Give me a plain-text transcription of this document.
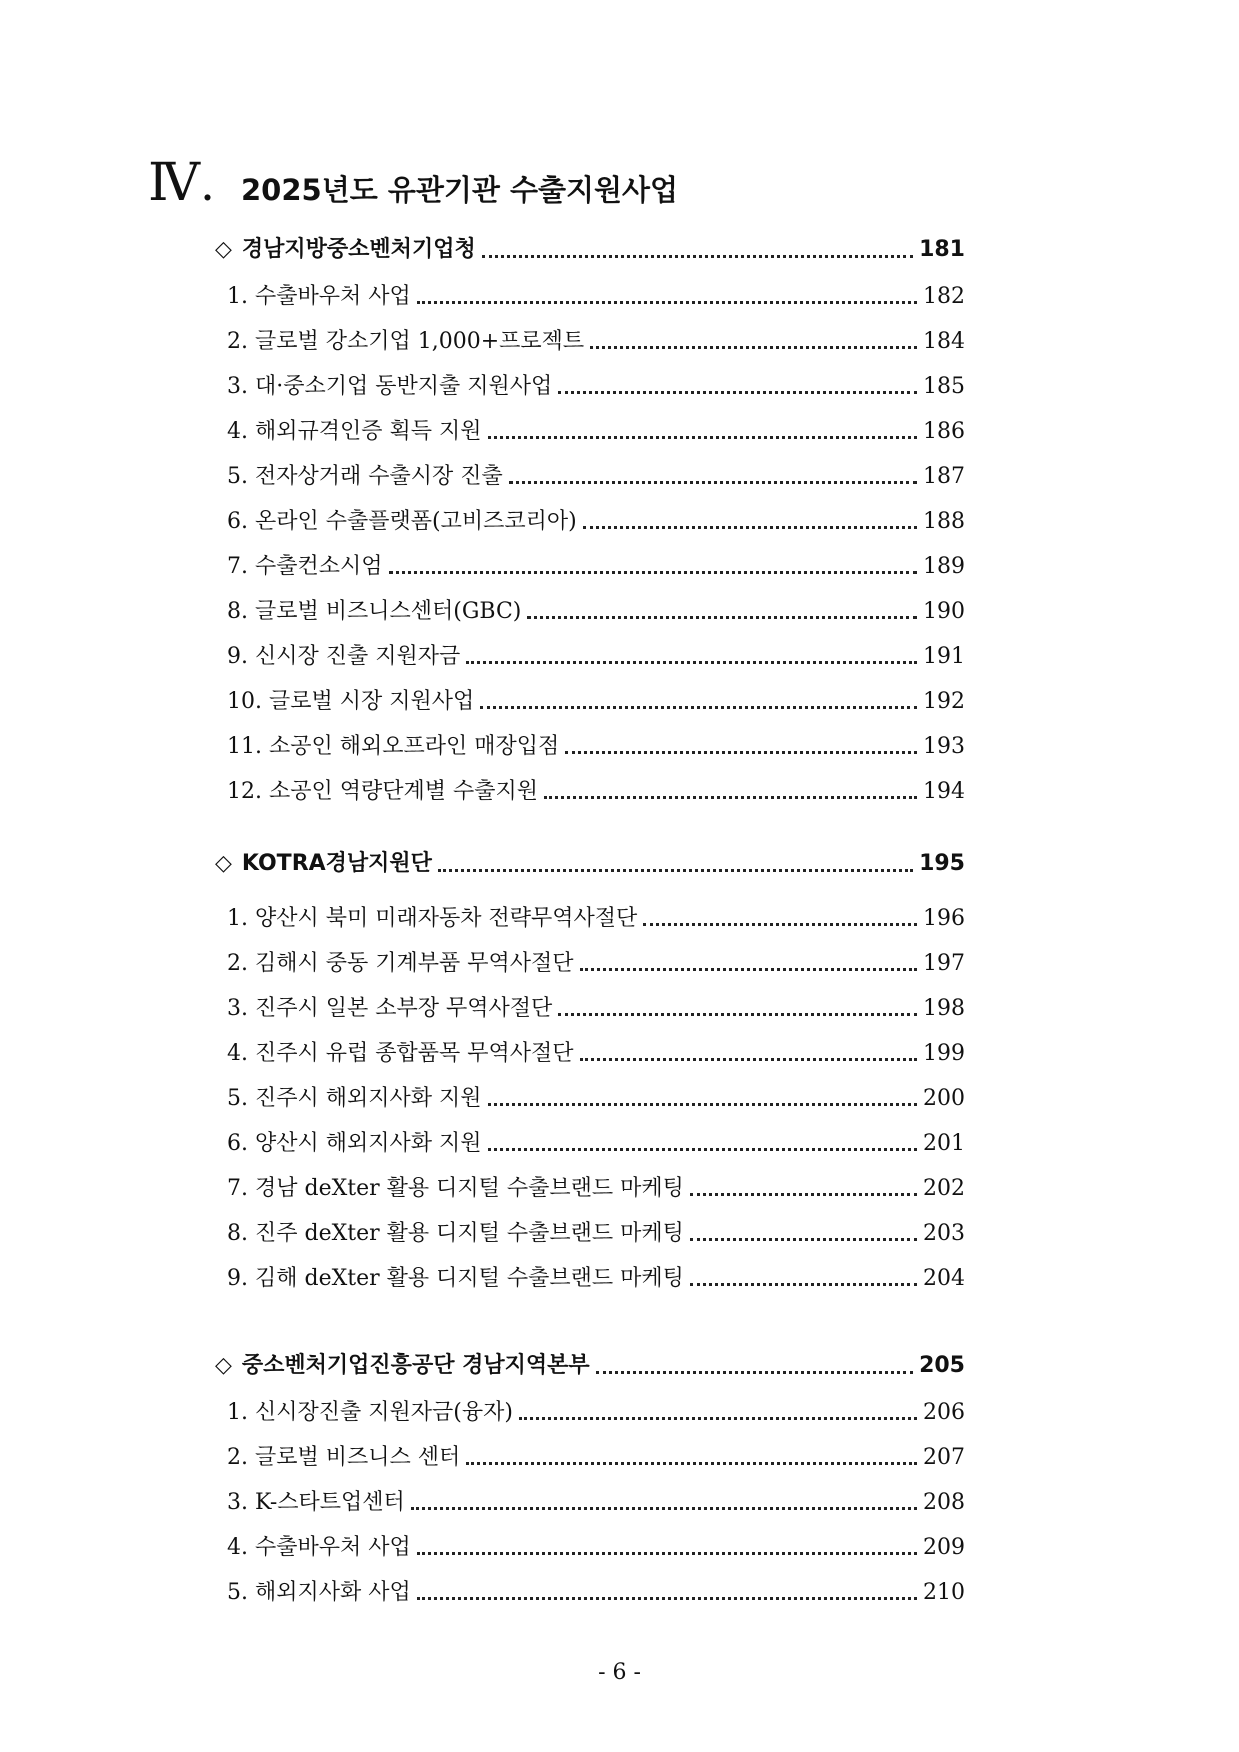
Ⅳ. 2025년도 유관기관 수출지원사업
◇ 경남지방중소벤처기업청	181
1. 수출바우처 사업	182
2. 글로벌 강소기업 1,000+프로젝트	184
3. 대·중소기업 동반지출 지원사업	185
4. 해외규격인증 획득 지원	186
5. 전자상거래 수출시장 진출	187
6. 온라인 수출플랫폼(고비즈코리아)	188
7. 수출컨소시엄	189
8. 글로벌 비즈니스센터(GBC)	190
9. 신시장 진출 지원자금	191
10. 글로벌 시장 지원사업	192
11. 소공인 해외오프라인 매장입점	193
12. 소공인 역량단계별 수출지원	194
◇ KOTRA경남지원단	195
1. 양산시 북미 미래자동차 전략무역사절단	196
2. 김해시 중동 기계부품 무역사절단	197
3. 진주시 일본 소부장 무역사절단	198
4. 진주시 유럽 종합품목 무역사절단	199
5. 진주시 해외지사화 지원	200
6. 양산시 해외지사화 지원	201
7. 경남 deXter 활용 디지털 수출브랜드 마케팅	202
8. 진주 deXter 활용 디지털 수출브랜드 마케팅	203
9. 김해 deXter 활용 디지털 수출브랜드 마케팅	204
◇ 중소벤처기업진흥공단 경남지역본부	205
1. 신시장진출 지원자금(융자)	206
2. 글로벌 비즈니스 센터	207
3. K-스타트업센터	208
4. 수출바우처 사업	209
5. 해외지사화 사업	210
- 6 -
